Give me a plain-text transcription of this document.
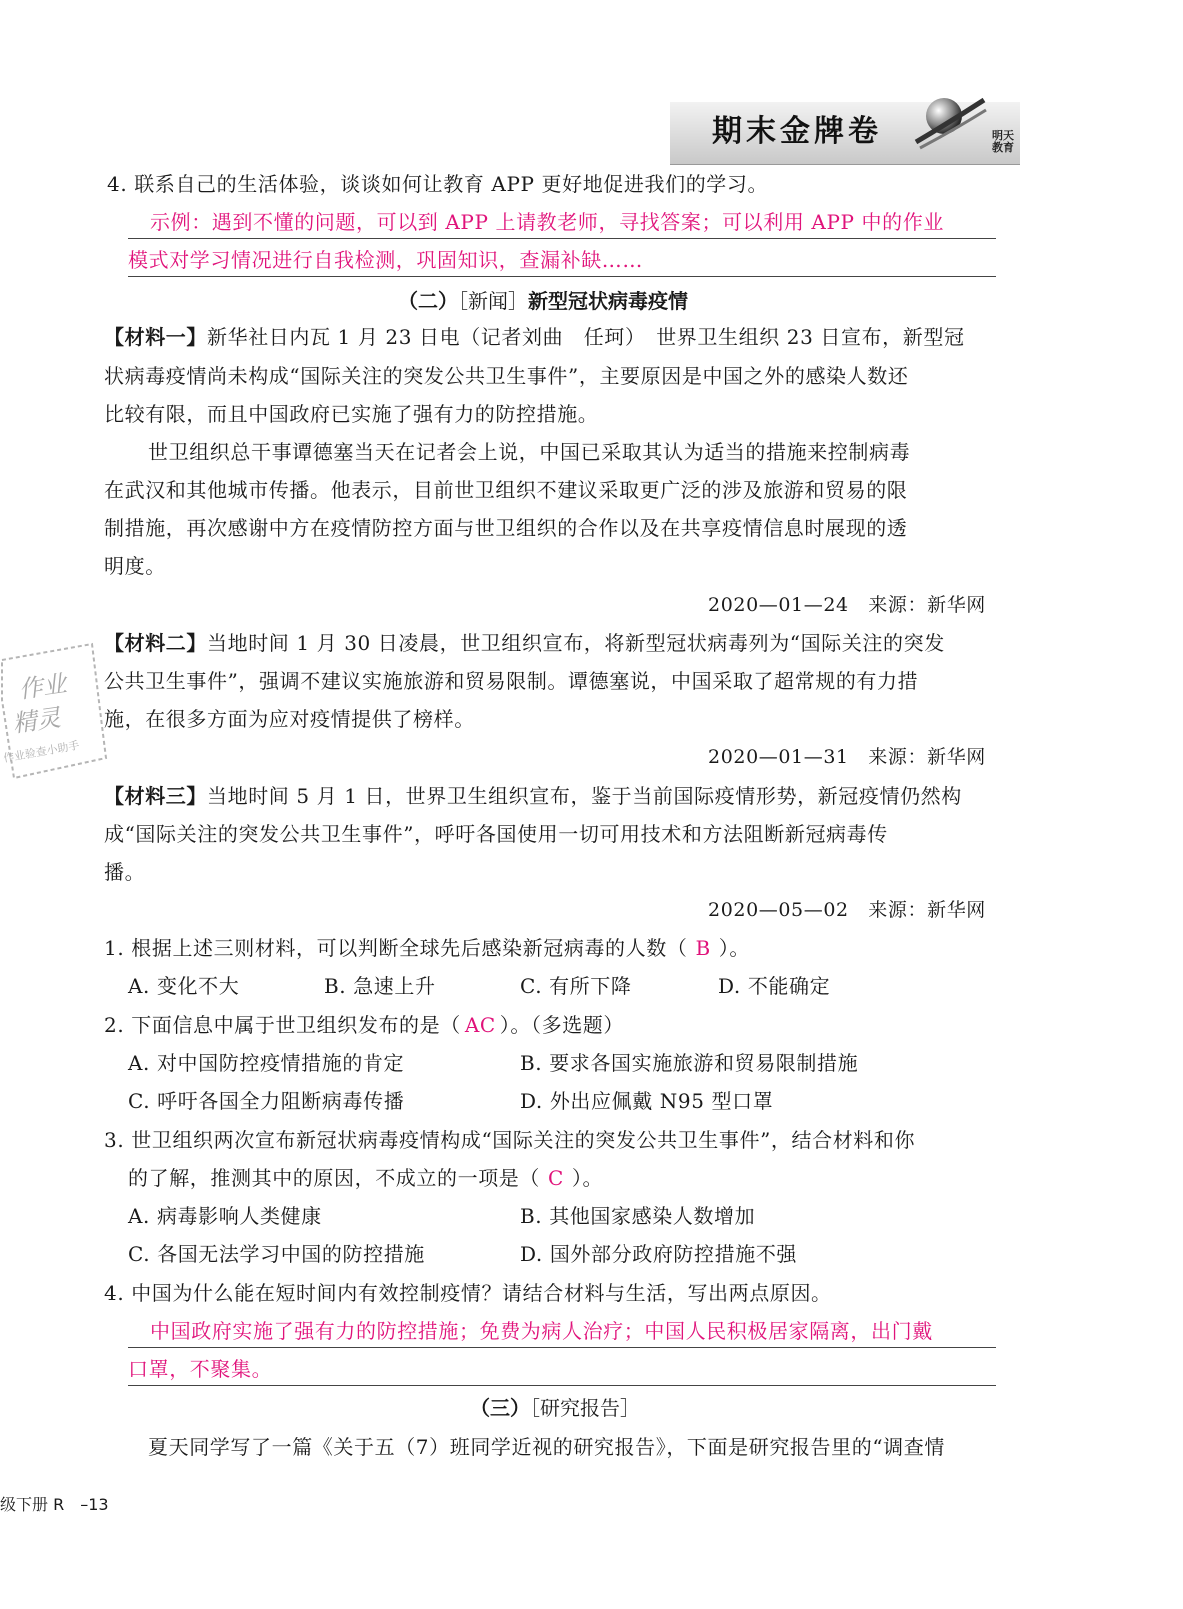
期末金牌卷	明天
教育
作业
精灵
作业验查小助手
4. 联系自己的生活体验，谈谈如何让教育 APP 更好地促进我们的学习。
示例：遇到不懂的问题，可以到 APP 上请教老师，寻找答案；可以利用 APP 中的作业
模式对学习情况进行自我检测，巩固知识，查漏补缺……
（二）［新闻］新型冠状病毒疫情
【材料一】新华社日内瓦 1 月 23 日电（记者刘曲　任珂）　世界卫生组织 23 日宣布，新型冠
状病毒疫情尚未构成“国际关注的突发公共卫生事件”，主要原因是中国之外的感染人数还
比较有限，而且中国政府已实施了强有力的防控措施。
世卫组织总干事谭德塞当天在记者会上说，中国已采取其认为适当的措施来控制病毒
在武汉和其他城市传播。他表示，目前世卫组织不建议采取更广泛的涉及旅游和贸易的限
制措施，再次感谢中方在疫情防控方面与世卫组织的合作以及在共享疫情信息时展现的透
明度。
2020—01—24　来源：新华网
【材料二】当地时间 1 月 30 日凌晨，世卫组织宣布，将新型冠状病毒列为“国际关注的突发
公共卫生事件”，强调不建议实施旅游和贸易限制。谭德塞说，中国采取了超常规的有力措
施，在很多方面为应对疫情提供了榜样。
2020—01—31　来源：新华网
【材料三】当地时间 5 月 1 日，世界卫生组织宣布，鉴于当前国际疫情形势，新冠疫情仍然构
成“国际关注的突发公共卫生事件”，呼吁各国使用一切可用技术和方法阻断新冠病毒传
播。
2020—05—02　来源：新华网
1. 根据上述三则材料，可以判断全球先后感染新冠病毒的人数（ B ）。
A. 变化不大	B. 急速上升	C. 有所下降	D. 不能确定
2. 下面信息中属于世卫组织发布的是（ AC ）。（多选题）
A. 对中国防控疫情措施的肯定	B. 要求各国实施旅游和贸易限制措施
C. 呼吁各国全力阻断病毒传播	D. 外出应佩戴 N95 型口罩
3. 世卫组织两次宣布新冠状病毒疫情构成“国际关注的突发公共卫生事件”，结合材料和你
的了解，推测其中的原因，不成立的一项是（ C ）。
A. 病毒影响人类健康	B. 其他国家感染人数增加
C. 各国无法学习中国的防控措施	D. 国外部分政府防控措施不强
4. 中国为什么能在短时间内有效控制疫情？请结合材料与生活，写出两点原因。
中国政府实施了强有力的防控措施；免费为病人治疗；中国人民积极居家隔离，出门戴
口罩，不聚集。
（三）［研究报告］
夏天同学写了一篇《关于五（7）班同学近视的研究报告》，下面是研究报告里的“调查情
级下册 R　–13
